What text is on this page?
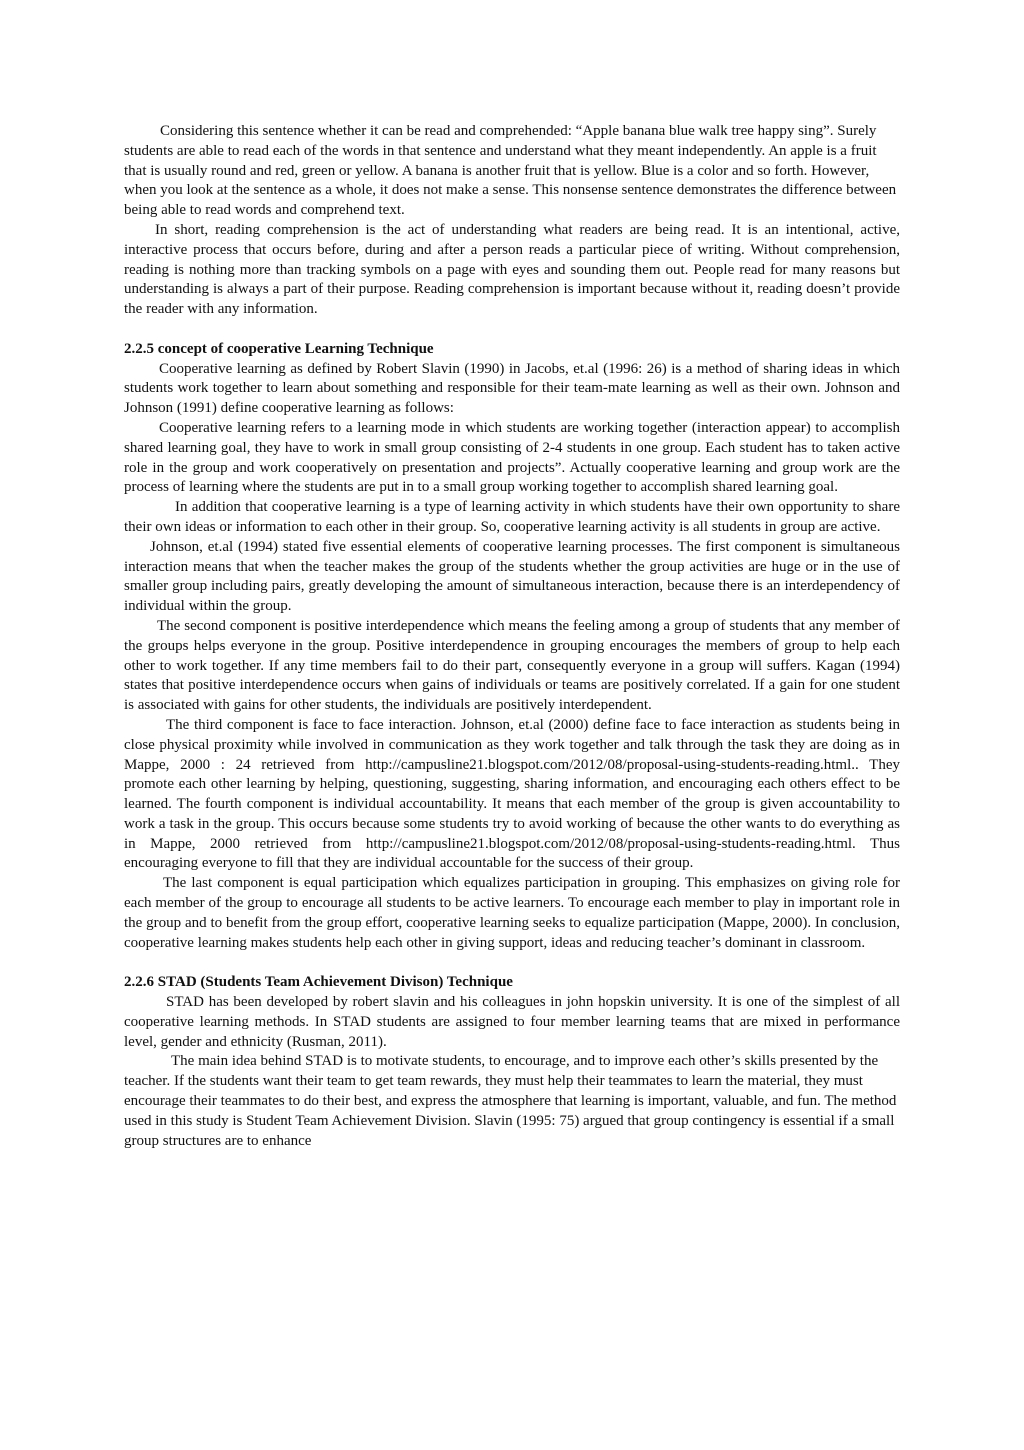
Considering this sentence whether it can be read and comprehended: “Apple banana blue walk tree happy sing”. Surely students are able to read each of the words in that sentence and understand what they meant independently. An apple is a fruit that is usually round and red, green or yellow. A banana is another fruit that is yellow. Blue is a color and so forth. However, when you look at the sentence as a whole, it does not make a sense. This nonsense sentence demonstrates the difference between being able to read words and comprehend text.

In short, reading comprehension is the act of understanding what readers are being read. It is an intentional, active, interactive process that occurs before, during and after a person reads a particular piece of writing. Without comprehension, reading is nothing more than tracking symbols on a page with eyes and sounding them out. People read for many reasons but understanding is always a part of their purpose. Reading comprehension is important because without it, reading doesn’t provide the reader with any information.

2.2.5 concept of cooperative Learning Technique

Cooperative learning as defined by Robert Slavin (1990) in Jacobs, et.al (1996: 26) is a method of sharing ideas in which students work together to learn about something and responsible for their team-mate learning as well as their own. Johnson and Johnson (1991) define cooperative learning as follows:

Cooperative learning refers to a learning mode in which students are working together (interaction appear) to accomplish shared learning goal, they have to work in small group consisting of 2-4 students in one group. Each student has to taken active role in the group and work cooperatively on presentation and projects”. Actually cooperative learning and group work are the process of learning where the students are put in to a small group working together to accomplish shared learning goal.

In addition that cooperative learning is a type of learning activity in which students have their own opportunity to share their own ideas or information to each other in their group. So, cooperative learning activity is all students in group are active.

Johnson, et.al (1994) stated five essential elements of cooperative learning processes. The first component is simultaneous interaction means that when the teacher makes the group of the students whether the group activities are huge or in the use of smaller group including pairs, greatly developing the amount of simultaneous interaction, because there is an interdependency of individual within the group.

The second component is positive interdependence which means the feeling among a group of students that any member of the groups helps everyone in the group. Positive interdependence in grouping encourages the members of group to help each other to work together. If any time members fail to do their part, consequently everyone in a group will suffers. Kagan (1994) states that positive interdependence occurs when gains of individuals or teams are positively correlated. If a gain for one student is associated with gains for other students, the individuals are positively interdependent.

The third component is face to face interaction. Johnson, et.al (2000) define face to face interaction as students being in close physical proximity while involved in communication as they work together and talk through the task they are doing as in Mappe, 2000 : 24 retrieved from http://campusline21.blogspot.com/2012/08/proposal-using-students-reading.html.. They promote each other learning by helping, questioning, suggesting, sharing information, and encouraging each others effect to be learned. The fourth component is individual accountability. It means that each member of the group is given accountability to work a task in the group. This occurs because some students try to avoid working of because the other wants to do everything as in Mappe, 2000 retrieved from http://campusline21.blogspot.com/2012/08/proposal-using-students-reading.html. Thus encouraging everyone to fill that they are individual accountable for the success of their group.

The last component is equal participation which equalizes participation in grouping. This emphasizes on giving role for each member of the group to encourage all students to be active learners. To encourage each member to play in important role in the group and to benefit from the group effort, cooperative learning seeks to equalize participation (Mappe, 2000). In conclusion, cooperative learning makes students help each other in giving support, ideas and reducing teacher’s dominant in classroom.

2.2.6 STAD (Students Team Achievement Divison) Technique

STAD has been developed by robert slavin and his colleagues in john hopskin university. It is one of the simplest of all cooperative learning methods. In STAD students are assigned to four member learning teams that are mixed in performance level, gender and ethnicity (Rusman, 2011).

The main idea behind STAD is to motivate students, to encourage, and to improve each other’s skills presented by the teacher. If the students want their team to get team rewards, they must help their teammates to learn the material, they must encourage their teammates to do their best, and express the atmosphere that learning is important, valuable, and fun. The method used in this study is Student Team Achievement Division. Slavin (1995: 75) argued that group contingency is essential if a small group structures are to enhance
